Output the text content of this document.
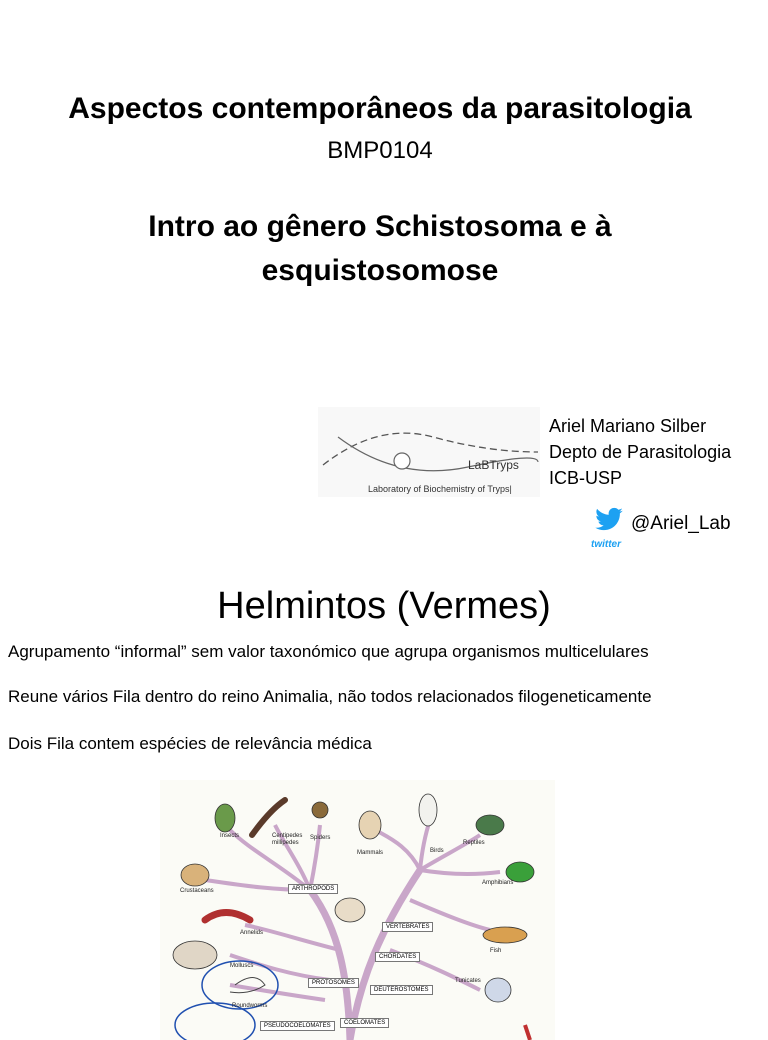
Aspectos contemporâneos da parasitologia
BMP0104
Intro ao gênero Schistosoma e à
esquistosomose
LaBTryps
Laboratory of Biochemistry of Tryps|
Ariel Mariano Silber
Depto de Parasitologia
ICB-USP
twitter
@Ariel_Lab
Helmintos (Vermes)
Agrupamento “informal” sem valor taxonómico que agrupa organismos multicelulares
Reune vários Fila dentro do reino Animalia, não todos relacionados filogeneticamente
Dois Fila contem espécies de relevância médica
Insects	Centipedes millipedes
Spiders
Mammals	Birds
Reptiles
Amphibians
Crustaceans
Annelids
Fish
Molluscs
Roundworms
Tunicates
ARTHROPODS
VERTEBRATES
CHORDATES
PROTOSOMES
DEUTEROSTOMES
PSEUDOCOELOMATES	COELOMATES
